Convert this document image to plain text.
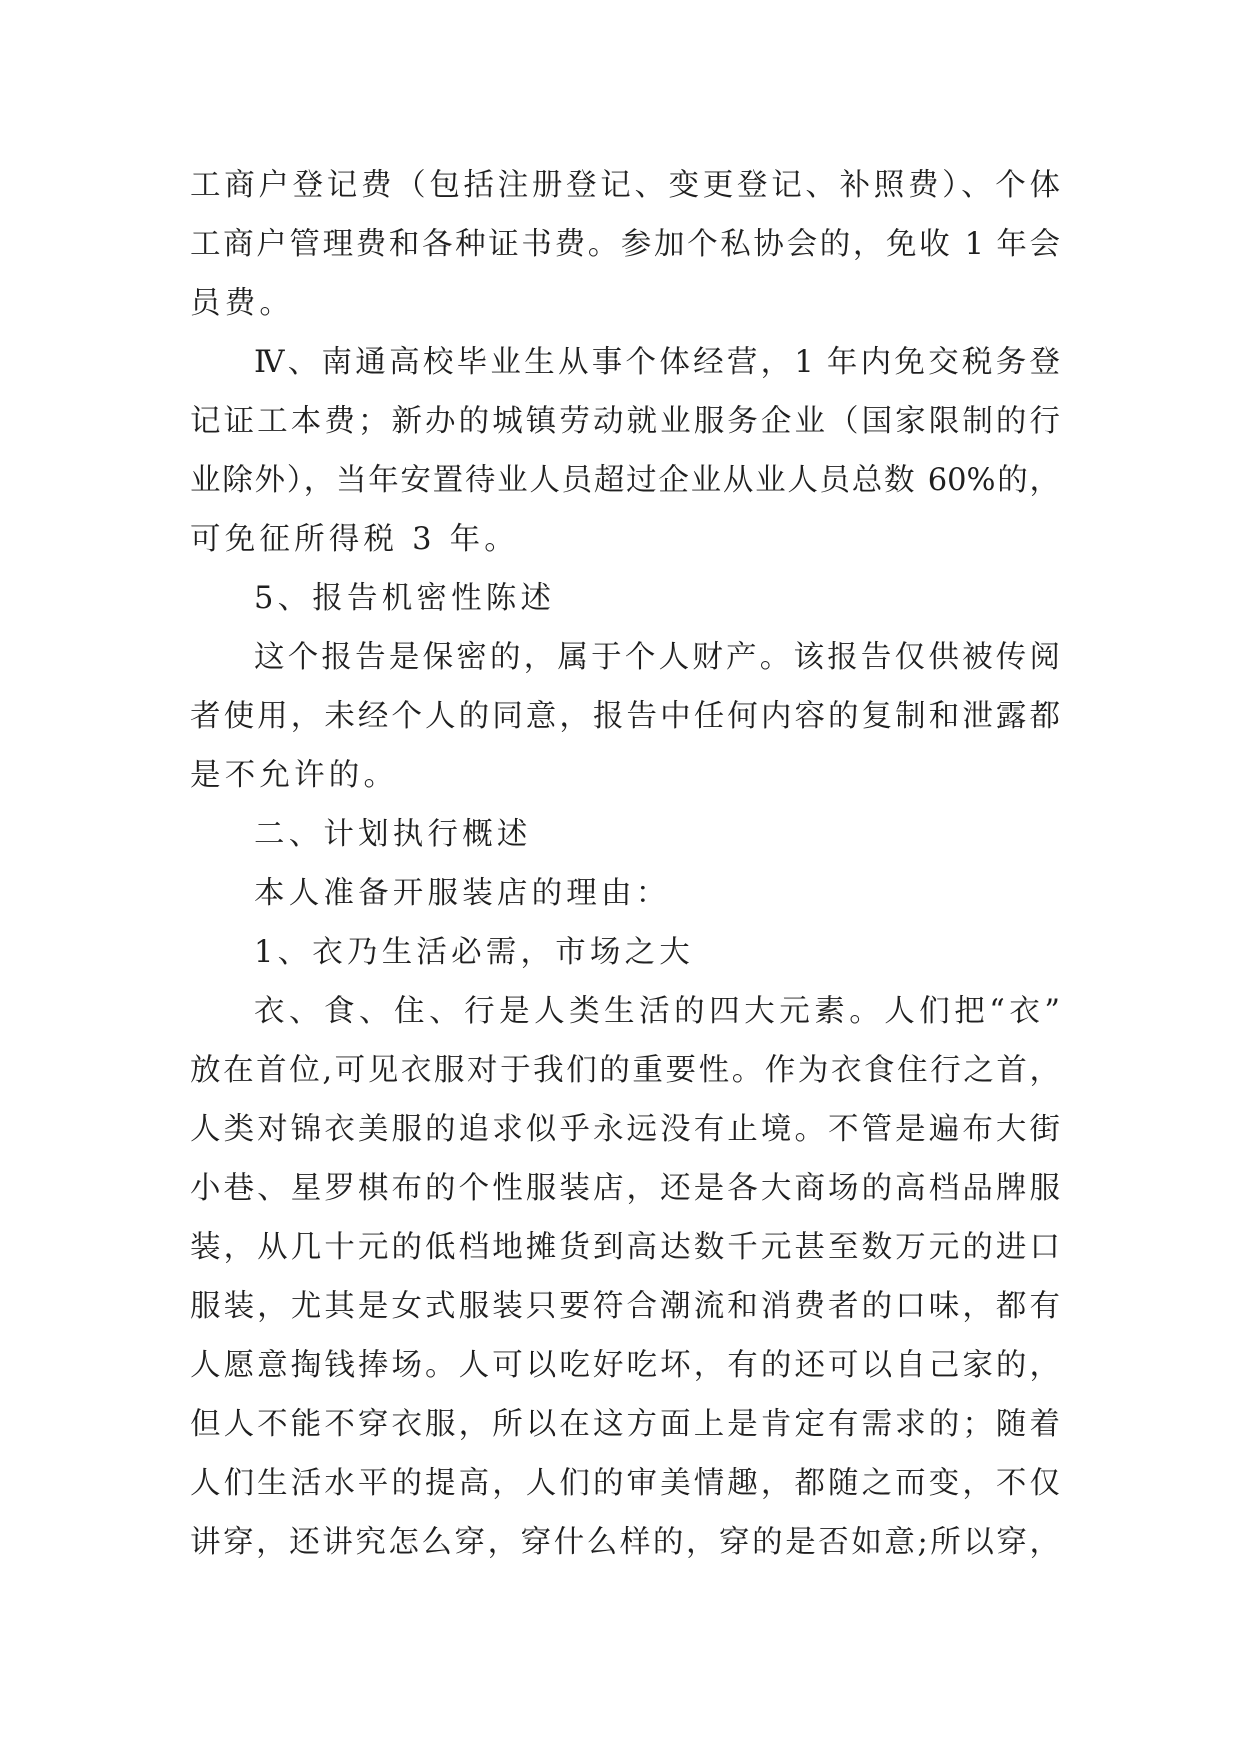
工商户登记费（包括注册登记、变更登记、补照费）、个体
工商户管理费和各种证书费。参加个私协会的，免收 1 年会
员费。
Ⅳ、南通高校毕业生从事个体经营，1 年内免交税务登
记证工本费；新办的城镇劳动就业服务企业（国家限制的行
业除外），当年安置待业人员超过企业从业人员总数 60%的，
可免征所得税 3 年。
5、报告机密性陈述
这个报告是保密的，属于个人财产。该报告仅供被传阅
者使用，未经个人的同意，报告中任何内容的复制和泄露都
是不允许的。
二、计划执行概述
本人准备开服装店的理由：
1、衣乃生活必需，市场之大
衣、食、住、行是人类生活的四大元素。人们把“衣”
放在首位,可见衣服对于我们的重要性。作为衣食住行之首，
人类对锦衣美服的追求似乎永远没有止境。不管是遍布大街
小巷、星罗棋布的个性服装店，还是各大商场的高档品牌服
装，从几十元的低档地摊货到高达数千元甚至数万元的进口
服装，尤其是女式服装只要符合潮流和消费者的口味，都有
人愿意掏钱捧场。人可以吃好吃坏，有的还可以自己家的，
但人不能不穿衣服，所以在这方面上是肯定有需求的；随着
人们生活水平的提高，人们的审美情趣，都随之而变，不仅
讲穿，还讲究怎么穿，穿什么样的，穿的是否如意;所以穿，
